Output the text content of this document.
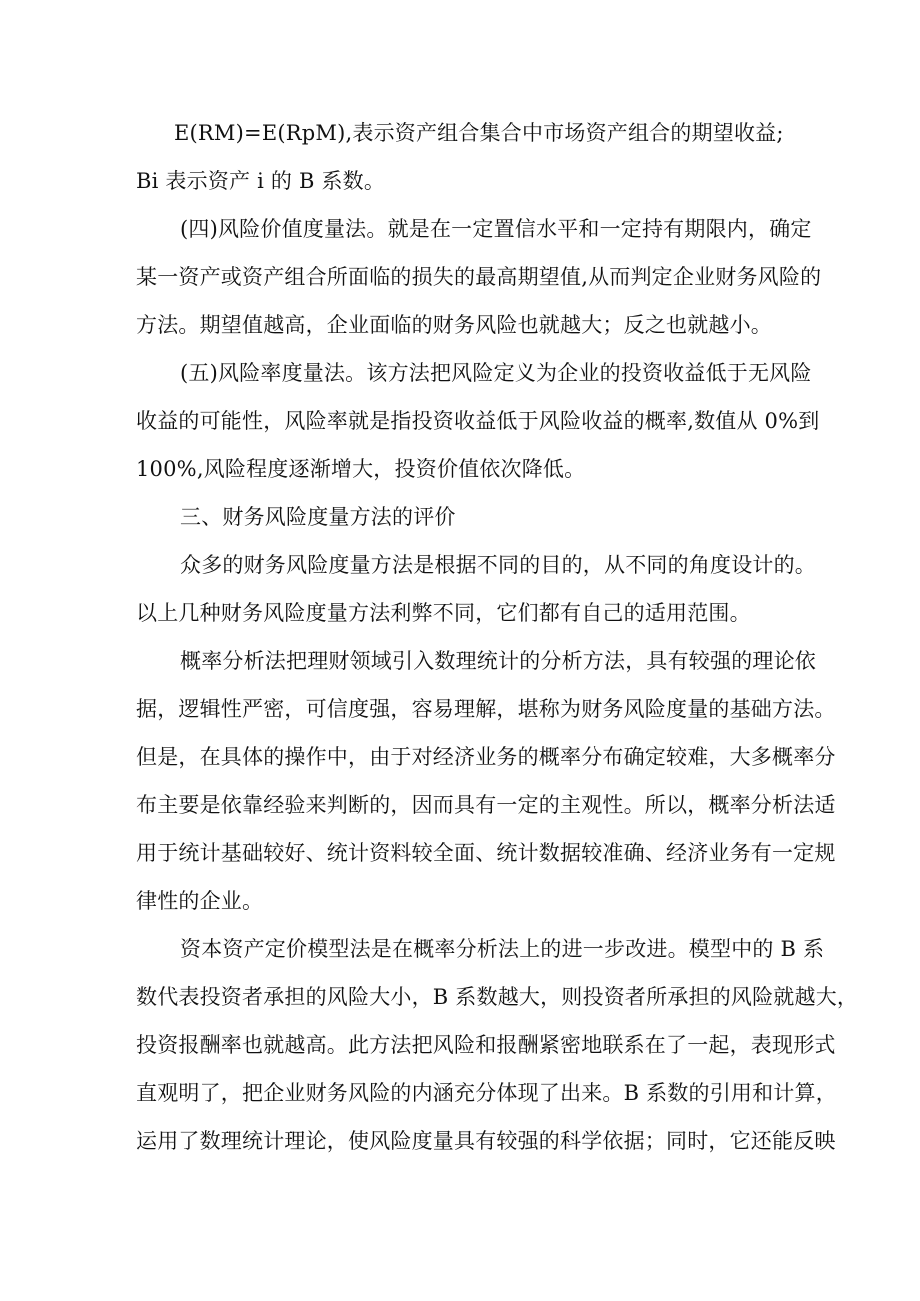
E(RM)=E(RpM),表示资产组合集合中市场资产组合的期望收益;
Bi 表示资产 i 的 B 系数。
(四)风险价值度量法。就是在一定置信水平和一定持有期限内，确定
某一资产或资产组合所面临的损失的最高期望值,从而判定企业财务风险的
方法。期望值越高，企业面临的财务风险也就越大；反之也就越小。
(五)风险率度量法。该方法把风险定义为企业的投资收益低于无风险
收益的可能性，风险率就是指投资收益低于风险收益的概率,数值从 0%到
100%,风险程度逐渐增大，投资价值依次降低。
三、财务风险度量方法的评价
众多的财务风险度量方法是根据不同的目的，从不同的角度设计的。
以上几种财务风险度量方法利弊不同，它们都有自己的适用范围。
概率分析法把理财领域引入数理统计的分析方法，具有较强的理论依
据，逻辑性严密，可信度强，容易理解，堪称为财务风险度量的基础方法。
但是，在具体的操作中，由于对经济业务的概率分布确定较难，大多概率分
布主要是依靠经验来判断的，因而具有一定的主观性。所以，概率分析法适
用于统计基础较好、统计资料较全面、统计数据较准确、经济业务有一定规
律性的企业。
资本资产定价模型法是在概率分析法上的进一步改进。模型中的 B 系
数代表投资者承担的风险大小，B 系数越大，则投资者所承担的风险就越大，
投资报酬率也就越高。此方法把风险和报酬紧密地联系在了一起，表现形式
直观明了，把企业财务风险的内涵充分体现了出来。B 系数的引用和计算，
运用了数理统计理论，使风险度量具有较强的科学依据；同时，它还能反映
